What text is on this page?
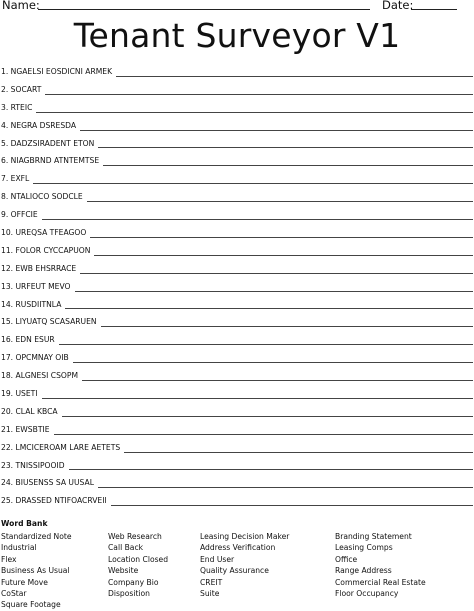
Name:	Date:
Tenant Surveyor V1
1. NGAELSI EOSDICNI ARMEK
2. SOCART
3. RTEIC
4. NEGRA DSRESDA
5. DADZSIRADENT ETON
6. NIAGBRND ATNTEMTSE
7. EXFL
8. NTALIOCO SODCLE
9. OFFCIE
10. UREQSA TFEAGOO
11. FOLOR CYCCAPUON
12. EWB EHSRRACE
13. URFEUT MEVO
14. RUSDIITNLA
15. LIYUATQ SCASARUEN
16. EDN ESUR
17. OPCMNAY OIB
18. ALGNESI CSOPM
19. USETI
20. CLAL KBCA
21. EWSBTIE
22. LMCICEROAM LARE AETETS
23. TNISSIPOOID
24. BIUSENSS SA UUSAL
25. DRASSED NTIFOACRVEII
Word Bank
Standardized Note
Industrial
Flex
Business As Usual
Future Move
CoStar
Square Footage
Web Research
Call Back
Location Closed
Website
Company Bio
Disposition
Leasing Decision Maker
Address Verification
End User
Quality Assurance
CREIT
Suite
Branding Statement
Leasing Comps
Office
Range Address
Commercial Real Estate
Floor Occupancy
